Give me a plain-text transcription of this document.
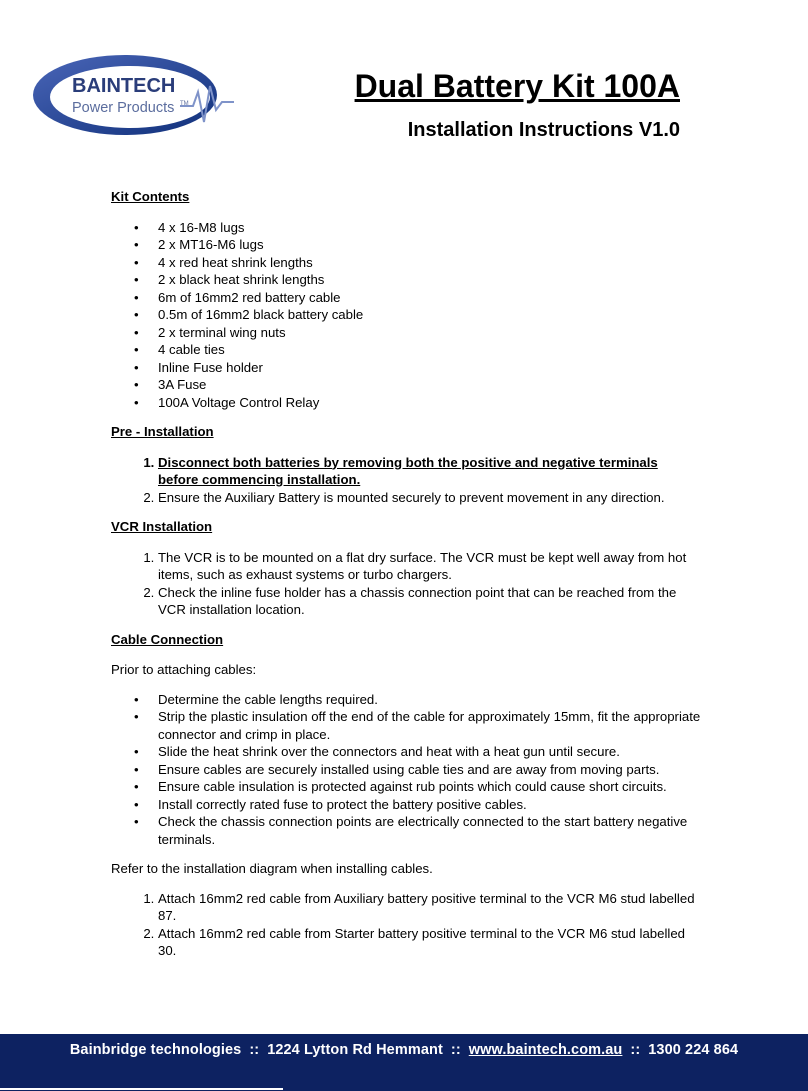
BAINTECH
Power Products TM	Dual Battery Kit 100A
Installation Instructions V1.0

Kit Contents

• 4 x 16-M8 lugs
• 2 x MT16-M6 lugs
• 4 x red heat shrink lengths
• 2 x black heat shrink lengths
• 6m of 16mm2 red battery cable
• 0.5m of 16mm2 black battery cable
• 2 x terminal wing nuts
• 4 cable ties
• Inline Fuse holder
• 3A Fuse
• 100A Voltage Control Relay

Pre - Installation

1. Disconnect both batteries by removing both the positive and negative terminals before commencing installation.
2. Ensure the Auxiliary Battery is mounted securely to prevent movement in any direction.

VCR Installation

1. The VCR is to be mounted on a flat dry surface. The VCR must be kept well away from hot items, such as exhaust systems or turbo chargers.
2. Check the inline fuse holder has a chassis connection point that can be reached from the VCR installation location.

Cable Connection

Prior to attaching cables:

• Determine the cable lengths required.
• Strip the plastic insulation off the end of the cable for approximately 15mm, fit the appropriate connector and crimp in place.
• Slide the heat shrink over the connectors and heat with a heat gun until secure.
• Ensure cables are securely installed using cable ties and are away from moving parts.
• Ensure cable insulation is protected against rub points which could cause short circuits.
• Install correctly rated fuse to protect the battery positive cables.
• Check the chassis connection points are electrically connected to the start battery negative terminals.

Refer to the installation diagram when installing cables.

1. Attach 16mm2 red cable from Auxiliary battery positive terminal to the VCR M6 stud labelled 87.
2. Attach 16mm2 red cable from Starter battery positive terminal to the VCR M6 stud labelled 30.
Bainbridge technologies :: 1224 Lytton Rd Hemmant :: www.baintech.com.au :: 1300 224 864
